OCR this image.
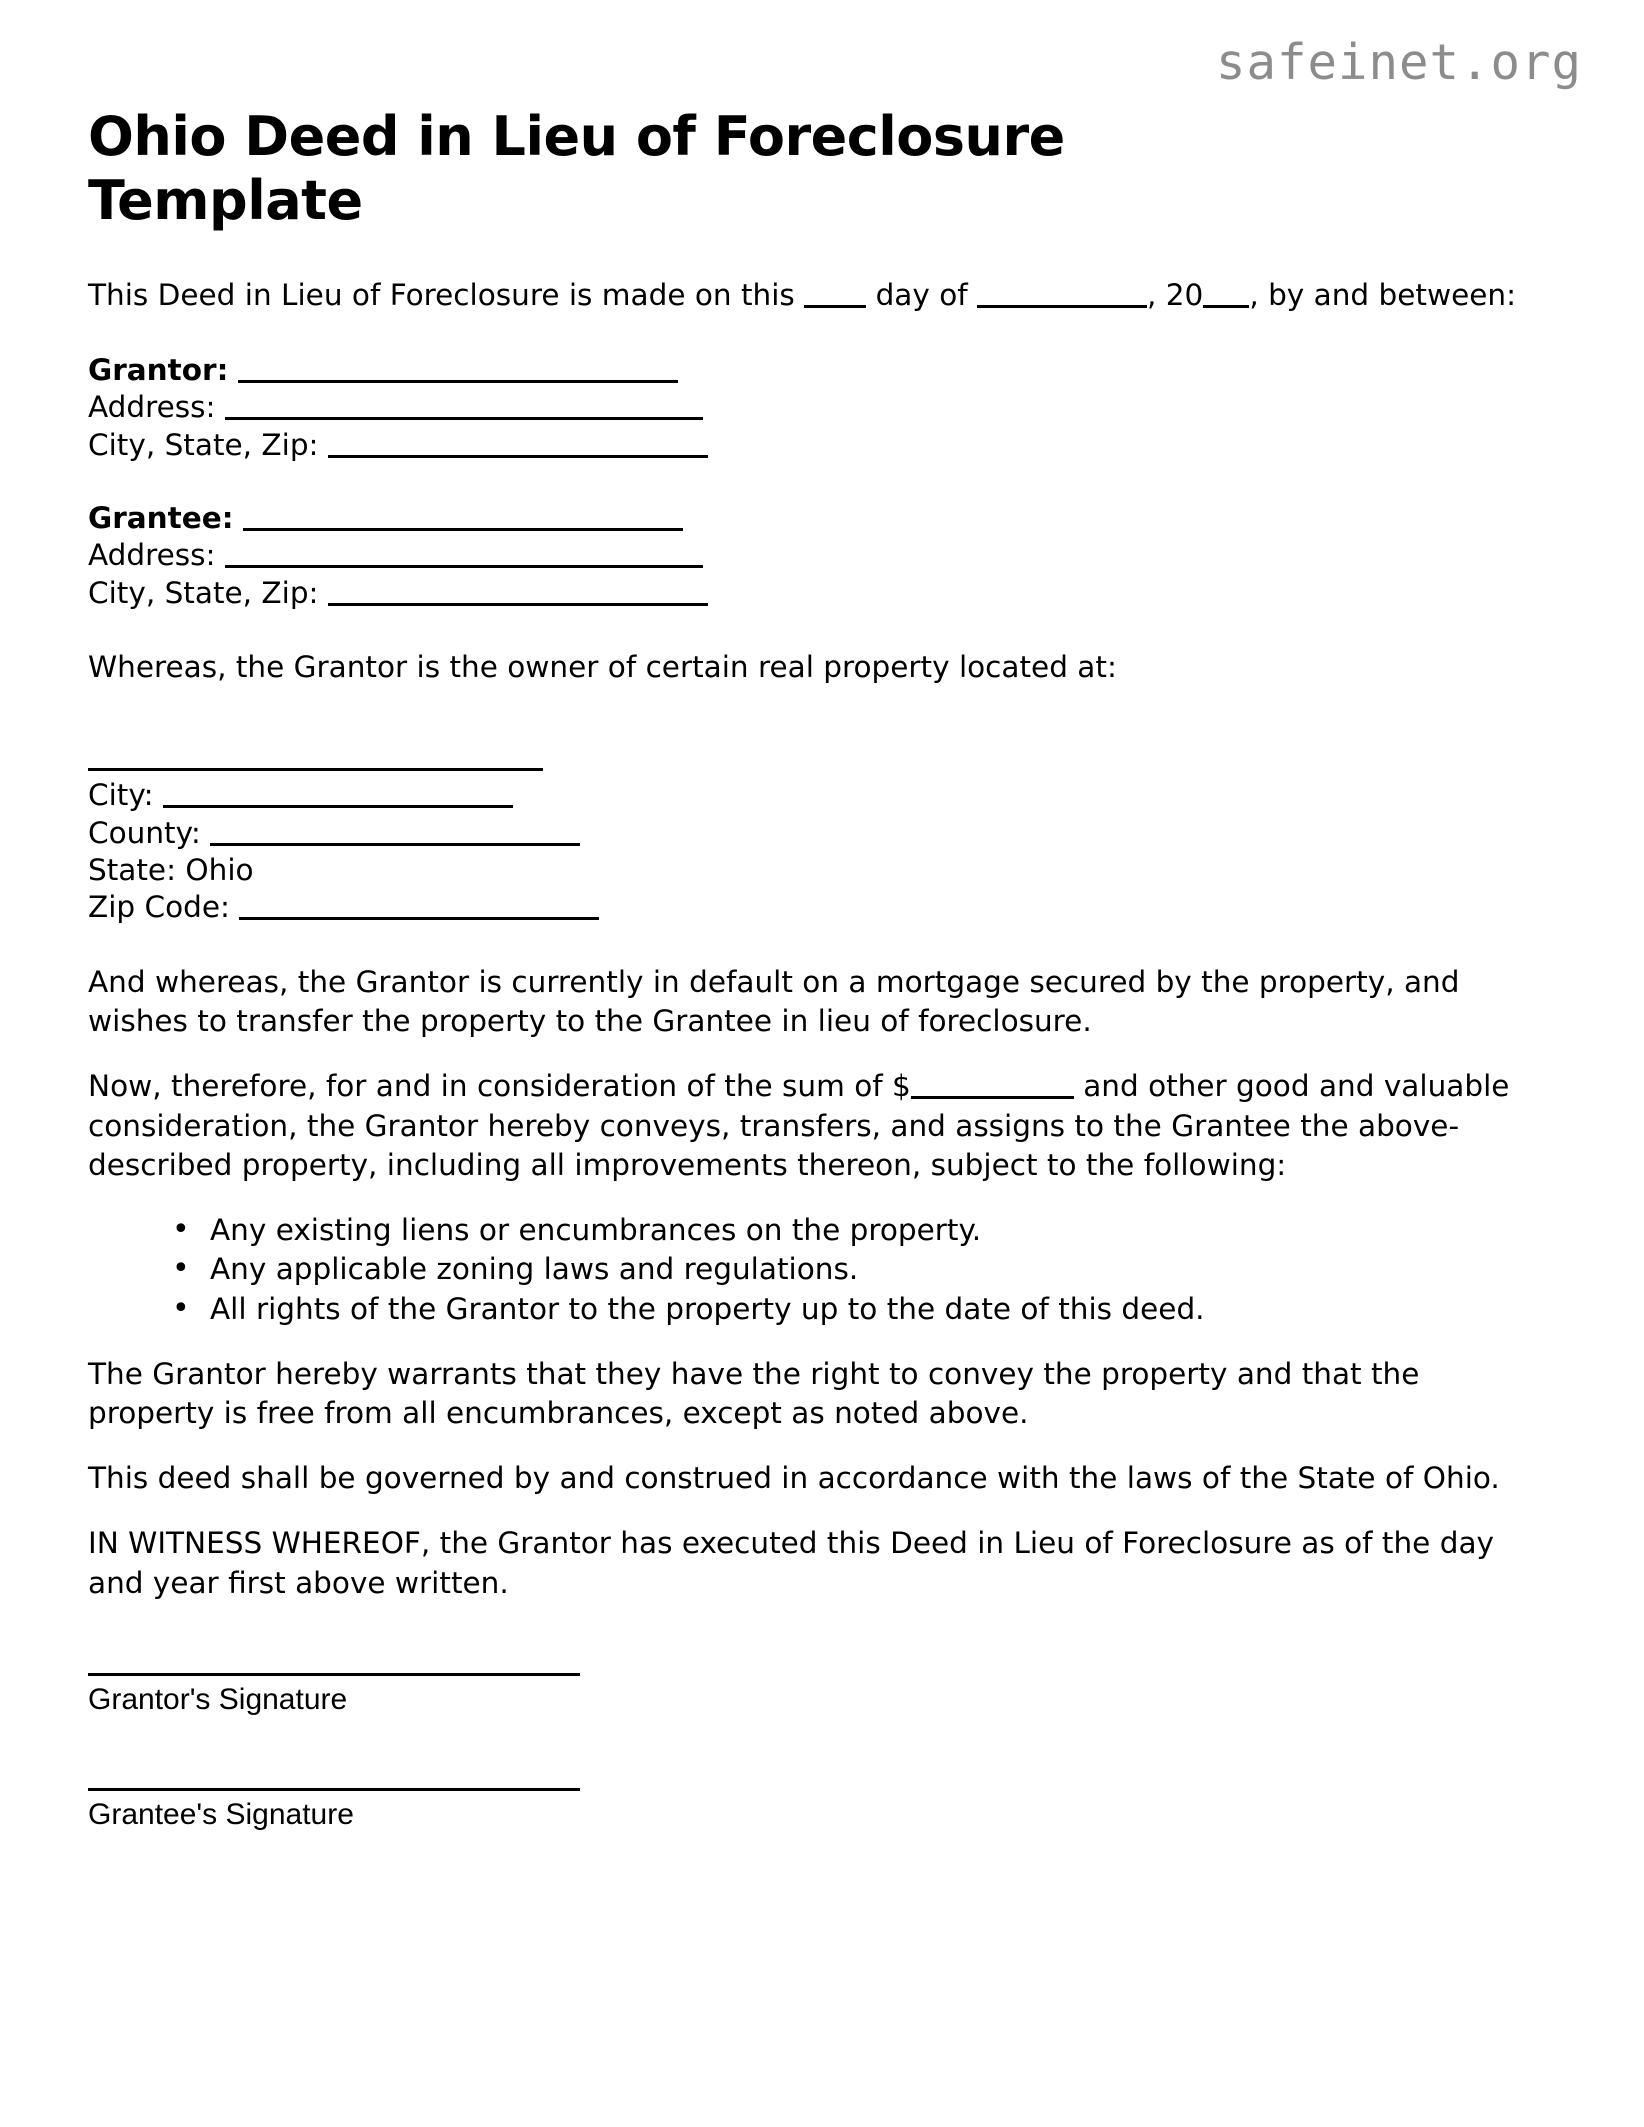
safeinet.org
Ohio Deed in Lieu of Foreclosure Template

This Deed in Lieu of Foreclosure is made on this  day of	, 20 , by and between:

Grantor:

Address:

City, State, Zip:

Grantee:

Address:

City, State, Zip:

Whereas, the Grantor is the owner of certain real property located at:

City:

County:

State: Ohio

Zip Code:

And whereas, the Grantor is currently in default on a mortgage secured by the property, and wishes to transfer the property to the Grantee in lieu of foreclosure.

Now, therefore, for and in consideration of the sum of $	and other good and valuable consideration, the Grantor hereby conveys, transfers, and assigns to the Grantee the above-described property, including all improvements thereon, subject to the following:

• Any existing liens or encumbrances on the property.
• Any applicable zoning laws and regulations.
• All rights of the Grantor to the property up to the date of this deed.

The Grantor hereby warrants that they have the right to convey the property and that the property is free from all encumbrances, except as noted above.

This deed shall be governed by and construed in accordance with the laws of the State of Ohio.

IN WITNESS WHEREOF, the Grantor has executed this Deed in Lieu of Foreclosure as of the day and year first above written.

Grantor's Signature

Grantee's Signature
